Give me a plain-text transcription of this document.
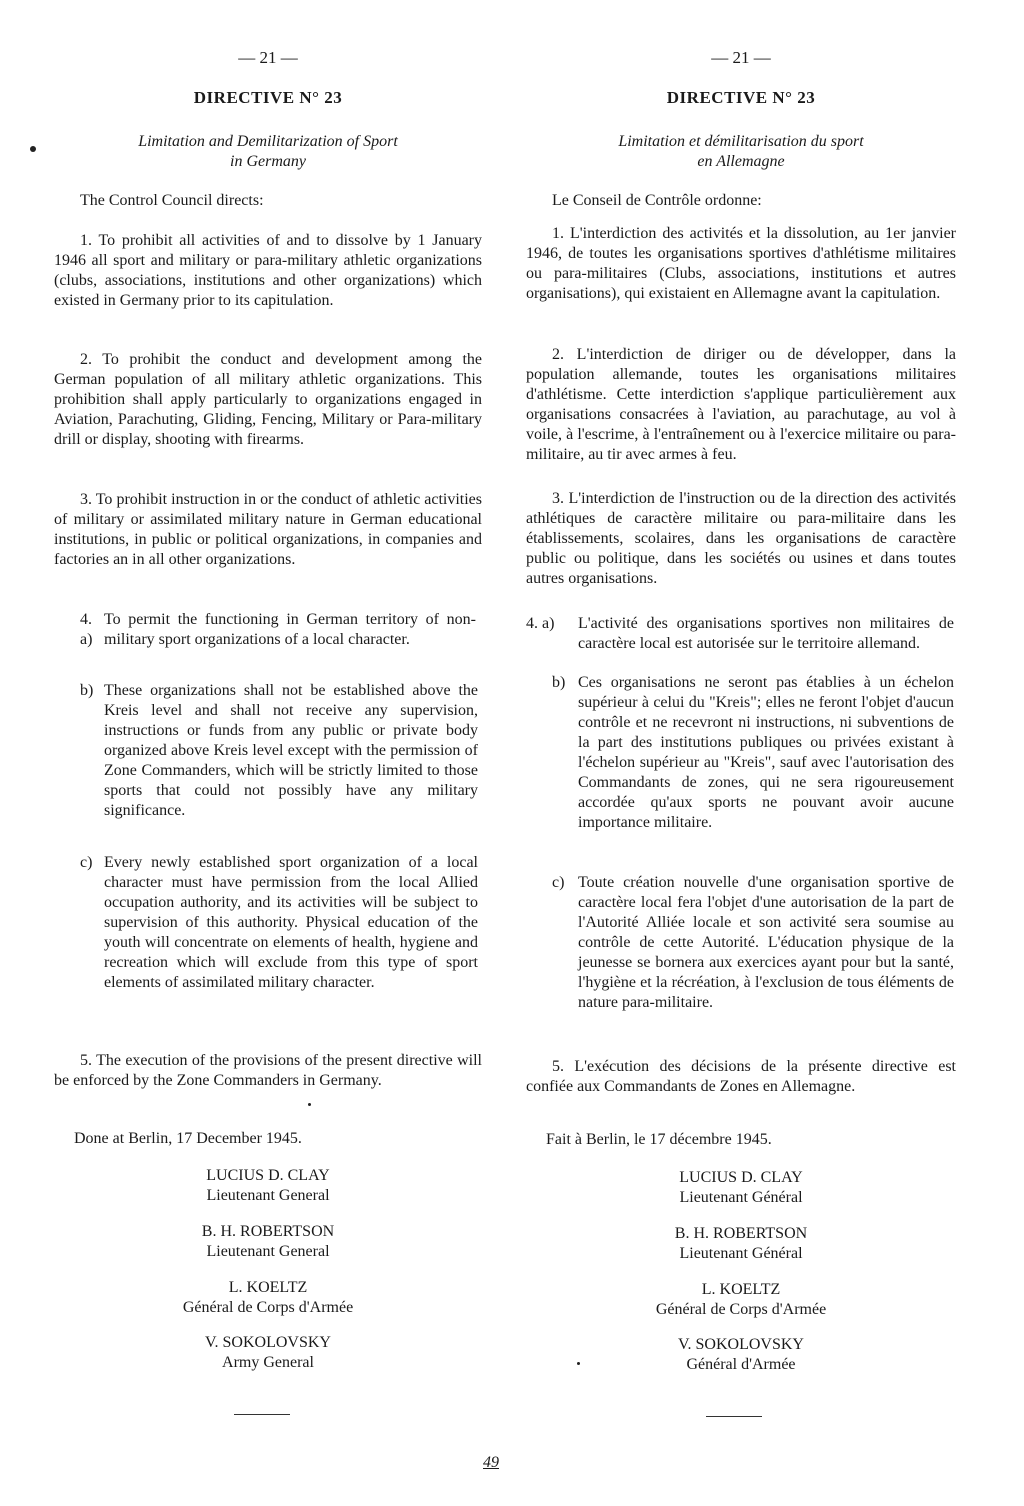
— 21 —
DIRECTIVE N° 23
Limitation and Demilitarization of Sport
in Germany

The Control Council directs:

1. To prohibit all activities of and to dissolve by 1 January 1946 all sport and military or para-military athletic organizations (clubs, associations, institutions and other organizations) which existed in Germany prior to its capitulation.

2. To prohibit the conduct and development among the German population of all military athletic organizations. This prohibition shall apply particularly to organizations engaged in Aviation, Parachuting, Gliding, Fencing, Military or Para-military drill or display, shooting with firearms.

3. To prohibit instruction in or the conduct of athletic activities of military or assimilated military nature in German educational institutions, in public or political organizations, in companies and factories an in all other organizations.

4. a)
To permit the functioning in German territory of non-military sport organizations of a local character.
b) These organizations shall not be established above the Kreis level and shall not receive any supervision, instructions or funds from any public or private body organized above Kreis level except with the permission of Zone Commanders, which will be strictly limited to those sports that could not possibly have any military significance.
c) Every newly established sport organization of a local character must have permission from the local Allied occupation authority, and its activities will be subject to supervision of this authority. Physical education of the youth will concentrate on elements of health, hygiene and recreation which will exclude from this type of sport elements of assimilated military character.

5. The execution of the provisions of the present directive will be enforced by the Zone Commanders in Germany.

Done at Berlin, 17 December 1945.
LUCIUS D. CLAY
Lieutenant General
B. H. ROBERTSON
Lieutenant General
L. KOELTZ
Général de Corps d'Armée
V. SOKOLOVSKY
Army General
— 21 —
DIRECTIVE N° 23
Limitation et démilitarisation du sport
en Allemagne

Le Conseil de Contrôle ordonne:

1. L'interdiction des activités et la dissolution, au 1er janvier 1946, de toutes les organisations sportives d'athlétisme militaires ou para-militaires (Clubs, associations, institutions et autres organisations), qui existaient en Allemagne avant la capitulation.

2. L'interdiction de diriger ou de développer, dans la population allemande, toutes les organisations militaires d'athlétisme. Cette interdiction s'applique particulièrement aux organisations consacrées à l'aviation, au parachutage, au vol à voile, à l'escrime, à l'entraînement ou à l'exercice militaire ou para-militaire, au tir avec armes à feu.

3. L'interdiction de l'instruction ou de la direction des activités athlétiques de caractère militaire ou para-militaire dans les établissements, scolaires, dans les organisations de caractère public ou politique, dans les sociétés ou usines et dans toutes autres organisations.

4. a)	L'activité des organisations sportives non militaires de caractère local est autorisée sur le territoire allemand.
b) Ces organisations ne seront pas établies à un échelon supérieur à celui du "Kreis"; elles ne feront l'objet d'aucun contrôle et ne recevront ni instructions, ni subventions de la part des institutions publiques ou privées existant à l'échelon supérieur au "Kreis", sauf avec l'autorisation des Commandants de zones, qui ne sera rigoureusement accordée qu'aux sports ne pouvant avoir aucune importance militaire.
c) Toute création nouvelle d'une organisation sportive de caractère local fera l'objet d'une autorisation de la part de l'Autorité Alliée locale et son activité sera soumise au contrôle de cette Autorité. L'éducation physique de la jeunesse se bornera aux exercices ayant pour but la santé, l'hygiène et la récréation, à l'exclusion de tous éléments de nature para-militaire.

5. L'exécution des décisions de la présente directive est confiée aux Commandants de Zones en Allemagne.

Fait à Berlin, le 17 décembre 1945.
LUCIUS D. CLAY
Lieutenant Général
B. H. ROBERTSON
Lieutenant Général
L. KOELTZ
Général de Corps d'Armée
V. SOKOLOVSKY
Général d'Armée
49
